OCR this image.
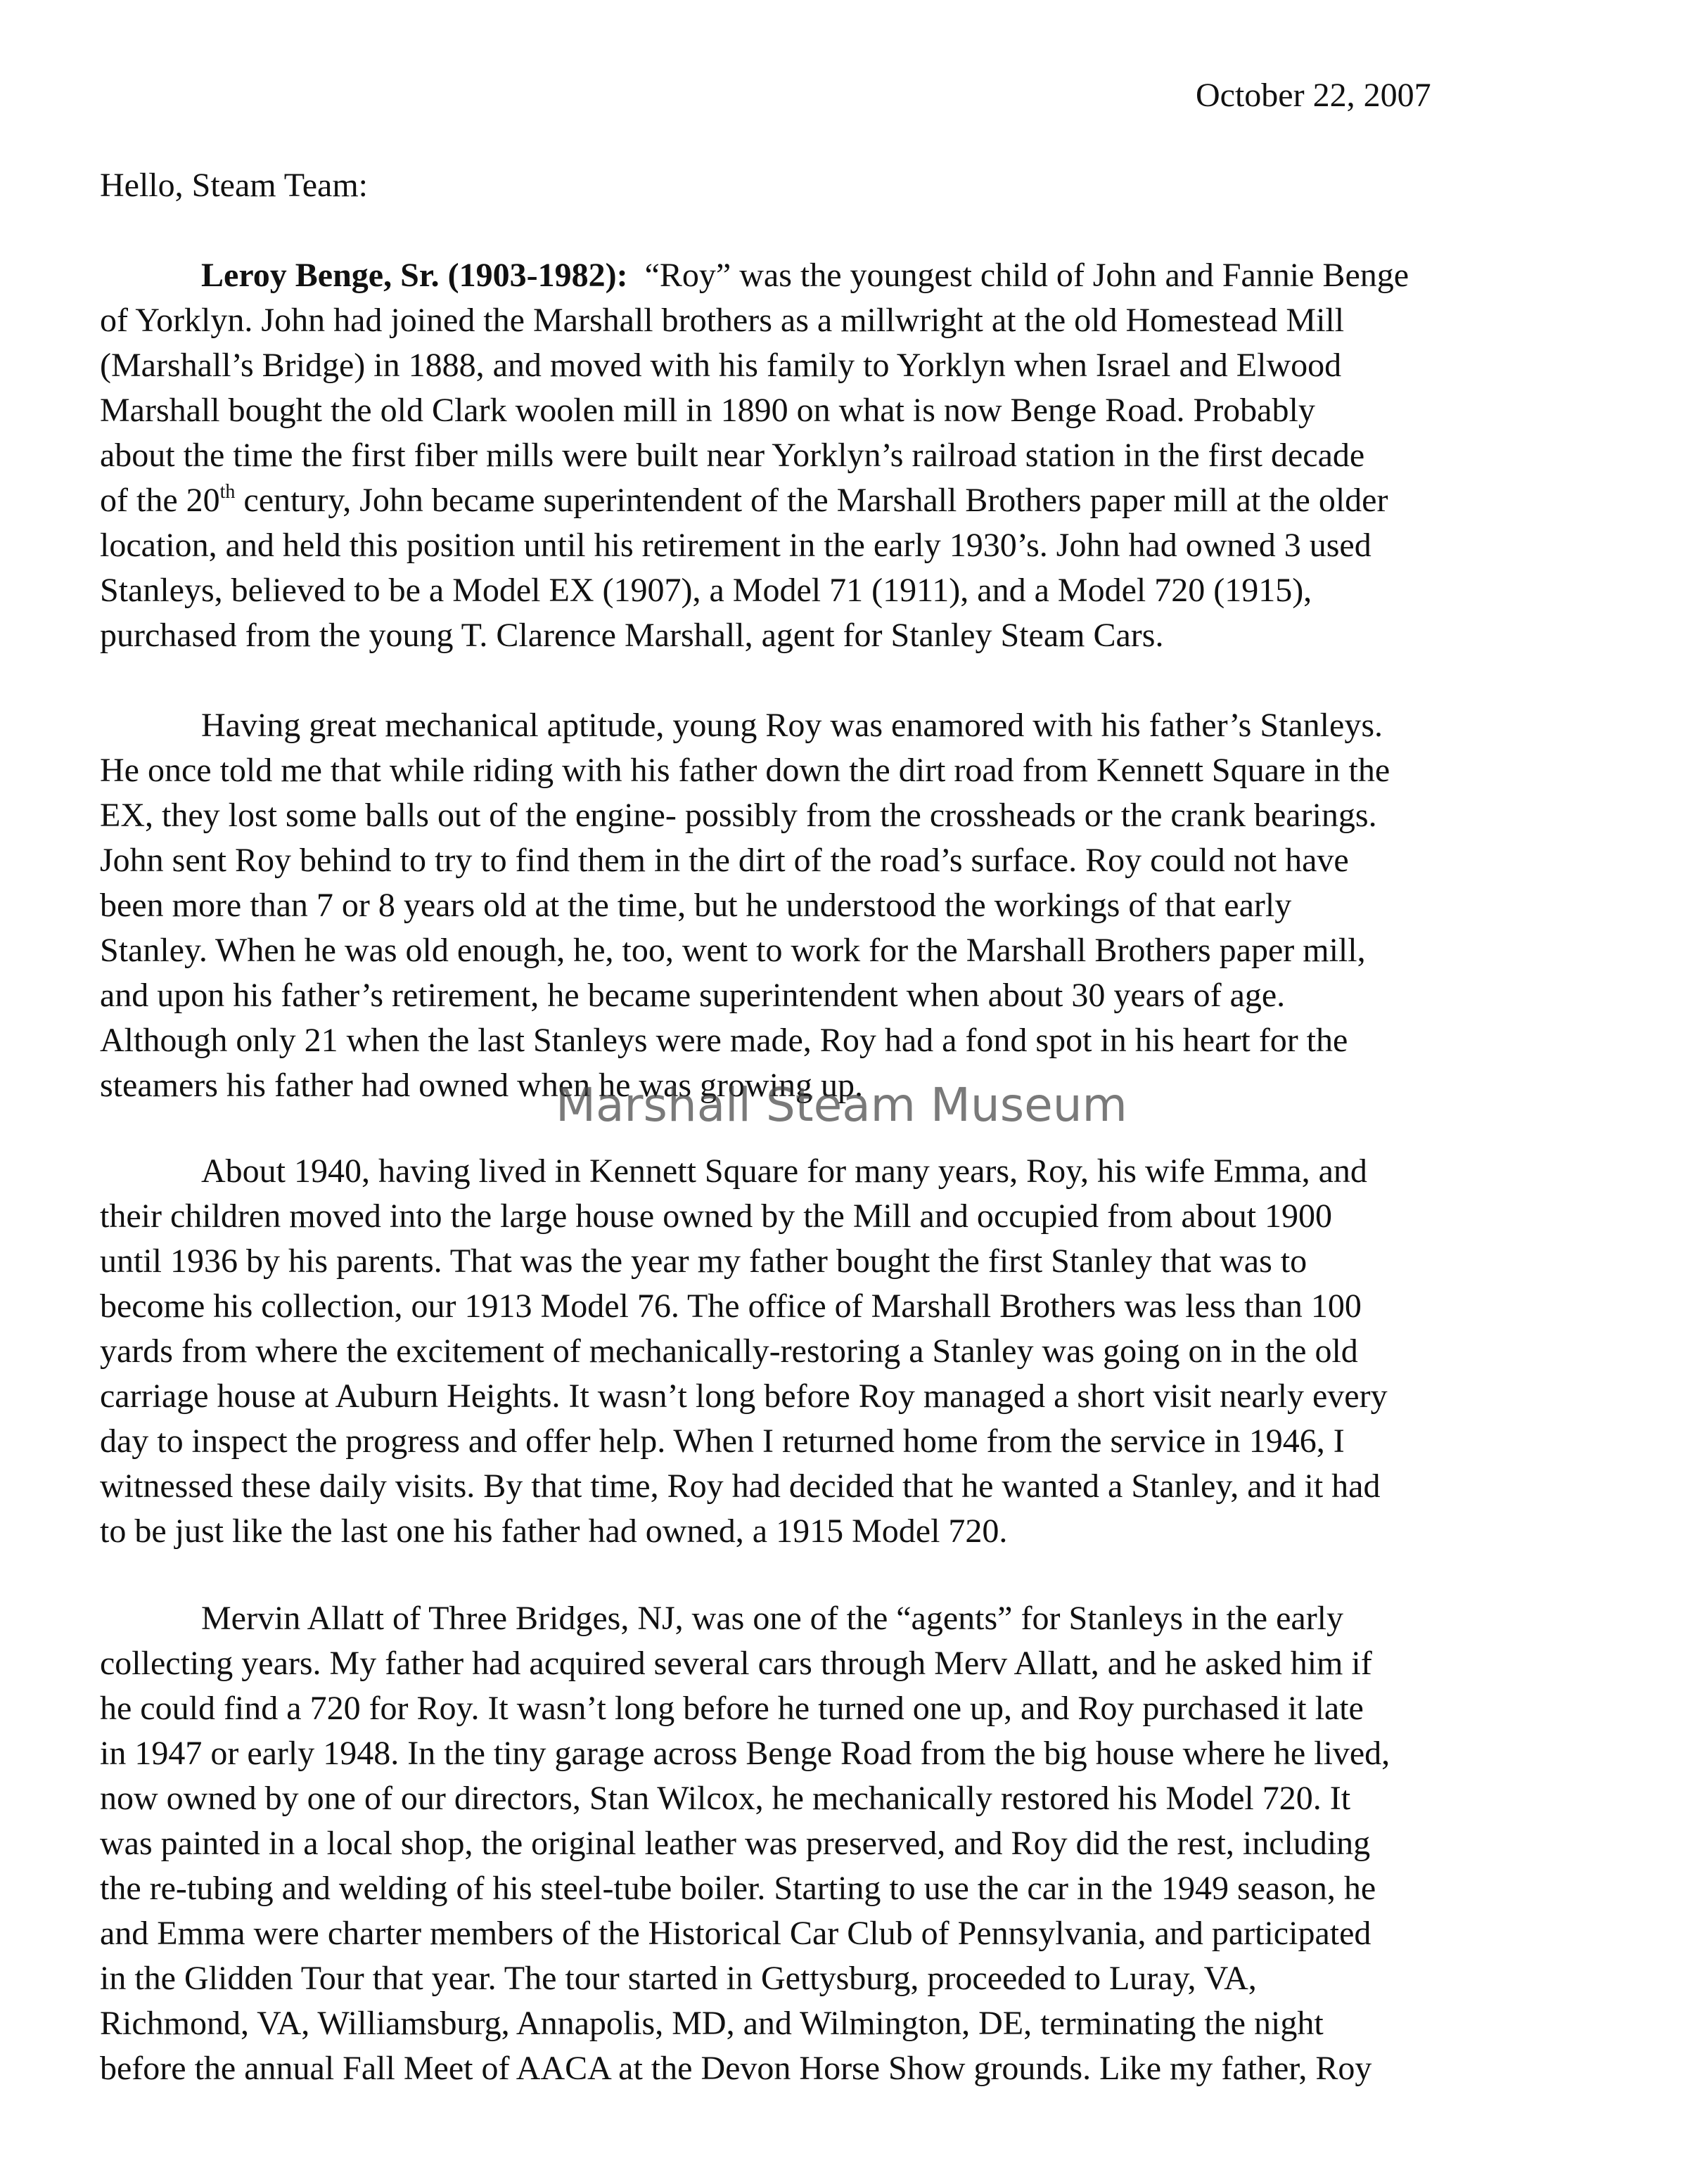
October 22, 2007
Hello, Steam Team:
Leroy Benge, Sr. (1903-1982): “Roy” was the youngest child of John and Fannie Benge
of Yorklyn. John had joined the Marshall brothers as a millwright at the old Homestead Mill
(Marshall’s Bridge) in 1888, and moved with his family to Yorklyn when Israel and Elwood
Marshall bought the old Clark woolen mill in 1890 on what is now Benge Road. Probably
about the time the first fiber mills were built near Yorklyn’s railroad station in the first decade
of the 20th century, John became superintendent of the Marshall Brothers paper mill at the older
location, and held this position until his retirement in the early 1930’s. John had owned 3 used
Stanleys, believed to be a Model EX (1907), a Model 71 (1911), and a Model 720 (1915),
purchased from the young T. Clarence Marshall, agent for Stanley Steam Cars.
Having great mechanical aptitude, young Roy was enamored with his father’s Stanleys.
He once told me that while riding with his father down the dirt road from Kennett Square in the
EX, they lost some balls out of the engine- possibly from the crossheads or the crank bearings.
John sent Roy behind to try to find them in the dirt of the road’s surface. Roy could not have
been more than 7 or 8 years old at the time, but he understood the workings of that early
Stanley. When he was old enough, he, too, went to work for the Marshall Brothers paper mill,
and upon his father’s retirement, he became superintendent when about 30 years of age.
Although only 21 when the last Stanleys were made, Roy had a fond spot in his heart for the
steamers his father had owned when he was growing up.
Marshall Steam Museum
About 1940, having lived in Kennett Square for many years, Roy, his wife Emma, and
their children moved into the large house owned by the Mill and occupied from about 1900
until 1936 by his parents. That was the year my father bought the first Stanley that was to
become his collection, our 1913 Model 76. The office of Marshall Brothers was less than 100
yards from where the excitement of mechanically-restoring a Stanley was going on in the old
carriage house at Auburn Heights. It wasn’t long before Roy managed a short visit nearly every
day to inspect the progress and offer help. When I returned home from the service in 1946, I
witnessed these daily visits. By that time, Roy had decided that he wanted a Stanley, and it had
to be just like the last one his father had owned, a 1915 Model 720.
Mervin Allatt of Three Bridges, NJ, was one of the “agents” for Stanleys in the early
collecting years. My father had acquired several cars through Merv Allatt, and he asked him if
he could find a 720 for Roy. It wasn’t long before he turned one up, and Roy purchased it late
in 1947 or early 1948. In the tiny garage across Benge Road from the big house where he lived,
now owned by one of our directors, Stan Wilcox, he mechanically restored his Model 720. It
was painted in a local shop, the original leather was preserved, and Roy did the rest, including
the re-tubing and welding of his steel-tube boiler. Starting to use the car in the 1949 season, he
and Emma were charter members of the Historical Car Club of Pennsylvania, and participated
in the Glidden Tour that year. The tour started in Gettysburg, proceeded to Luray, VA,
Richmond, VA, Williamsburg, Annapolis, MD, and Wilmington, DE, terminating the night
before the annual Fall Meet of AACA at the Devon Horse Show grounds. Like my father, Roy
